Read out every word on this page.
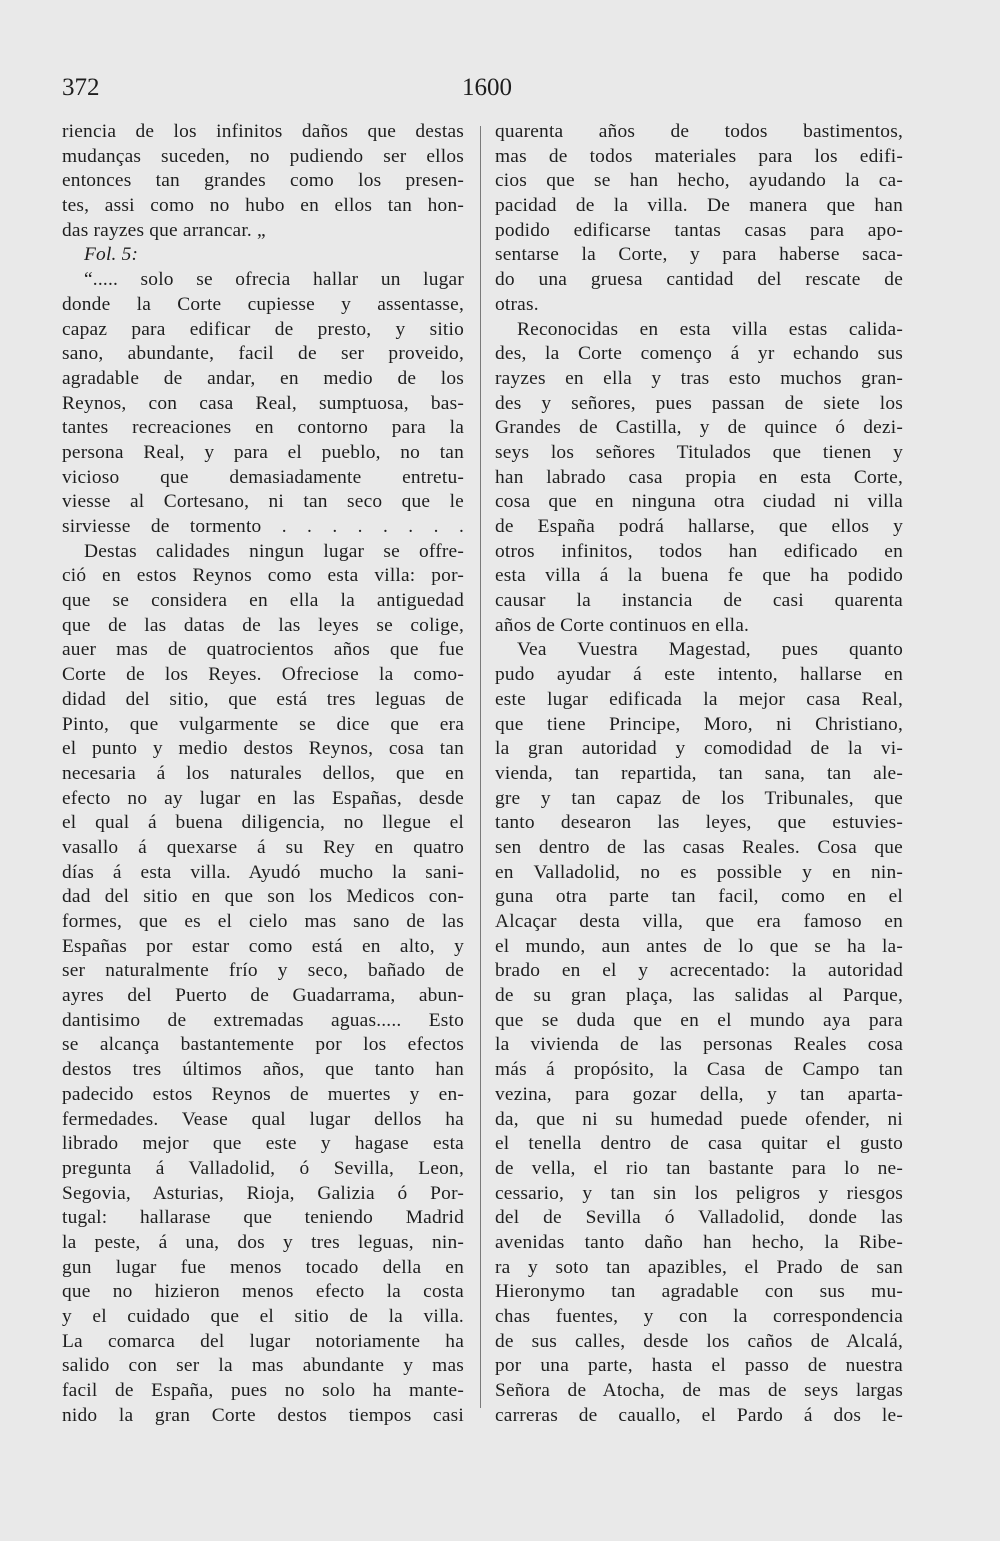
372	1600
riencia de los infinitos daños que destas
mudanças suceden, no pudiendo ser ellos
entonces tan grandes como los presen-
tes, assi como no hubo en ellos tan hon-
das rayzes que arrancar. „
Fol. 5:
“..... solo se ofrecia hallar un lugar
donde la Corte cupiesse y assentasse,
capaz para edificar de presto, y sitio
sano, abundante, facil de ser proveido,
agradable de andar, en medio de los
Reynos, con casa Real, sumptuosa, bas-
tantes recreaciones en contorno para la
persona Real, y para el pueblo, no tan
vicioso que demasiadamente entretu-
viesse al Cortesano, ni tan seco que le
sirviesse de tormento . . . . . . . .
Destas calidades ningun lugar se offre-
ció en estos Reynos como esta villa: por-
que se considera en ella la antiguedad
que de las datas de las leyes se colige,
auer mas de quatrocientos años que fue
Corte de los Reyes. Ofreciose la como-
didad del sitio, que está tres leguas de
Pinto, que vulgarmente se dice que era
el punto y medio destos Reynos, cosa tan
necesaria á los naturales dellos, que en
efecto no ay lugar en las Españas, desde
el qual á buena diligencia, no llegue el
vasallo á quexarse á su Rey en quatro
días á esta villa. Ayudó mucho la sani-
dad del sitio en que son los Medicos con-
formes, que es el cielo mas sano de las
Españas por estar como está en alto, y
ser naturalmente frío y seco, bañado de
ayres del Puerto de Guadarrama, abun-
dantisimo de extremadas aguas..... Esto
se alcança bastantemente por los efectos
destos tres últimos años, que tanto han
padecido estos Reynos de muertes y en-
fermedades. Vease qual lugar dellos ha
librado mejor que este y hagase esta
pregunta á Valladolid, ó Sevilla, Leon,
Segovia, Asturias, Rioja, Galizia ó Por-
tugal: hallarase que teniendo Madrid
la peste, á una, dos y tres leguas, nin-
gun lugar fue menos tocado della en
que no hizieron menos efecto la costa
y el cuidado que el sitio de la villa.
La comarca del lugar notoriamente ha
salido con ser la mas abundante y mas
facil de España, pues no solo ha mante-
nido la gran Corte destos tiempos casi
quarenta años de todos bastimentos,
mas de todos materiales para los edifi-
cios que se han hecho, ayudando la ca-
pacidad de la villa. De manera que han
podido edificarse tantas casas para apo-
sentarse la Corte, y para haberse saca-
do una gruesa cantidad del rescate de
otras.
Reconocidas en esta villa estas calida-
des, la Corte començo á yr echando sus
rayzes en ella y tras esto muchos gran-
des y señores, pues passan de siete los
Grandes de Castilla, y de quince ó dezi-
seys los señores Titulados que tienen y
han labrado casa propia en esta Corte,
cosa que en ninguna otra ciudad ni villa
de España podrá hallarse, que ellos y
otros infinitos, todos han edificado en
esta villa á la buena fe que ha podido
causar la instancia de casi quarenta
años de Corte continuos en ella.
Vea Vuestra Magestad, pues quanto
pudo ayudar á este intento, hallarse en
este lugar edificada la mejor casa Real,
que tiene Principe, Moro, ni Christiano,
la gran autoridad y comodidad de la vi-
vienda, tan repartida, tan sana, tan ale-
gre y tan capaz de los Tribunales, que
tanto desearon las leyes, que estuvies-
sen dentro de las casas Reales. Cosa que
en Valladolid, no es possible y en nin-
guna otra parte tan facil, como en el
Alcaçar desta villa, que era famoso en
el mundo, aun antes de lo que se ha la-
brado en el y acrecentado: la autoridad
de su gran plaça, las salidas al Parque,
que se duda que en el mundo aya para
la vivienda de las personas Reales cosa
más á propósito, la Casa de Campo tan
vezina, para gozar della, y tan aparta-
da, que ni su humedad puede ofender, ni
el tenella dentro de casa quitar el gusto
de vella, el rio tan bastante para lo ne-
cessario, y tan sin los peligros y riesgos
del de Sevilla ó Valladolid, donde las
avenidas tanto daño han hecho, la Ribe-
ra y soto tan apazibles, el Prado de san
Hieronymo tan agradable con sus mu-
chas fuentes, y con la correspondencia
de sus calles, desde los caños de Alcalá,
por una parte, hasta el passo de nuestra
Señora de Atocha, de mas de seys largas
carreras de cauallo, el Pardo á dos le-
